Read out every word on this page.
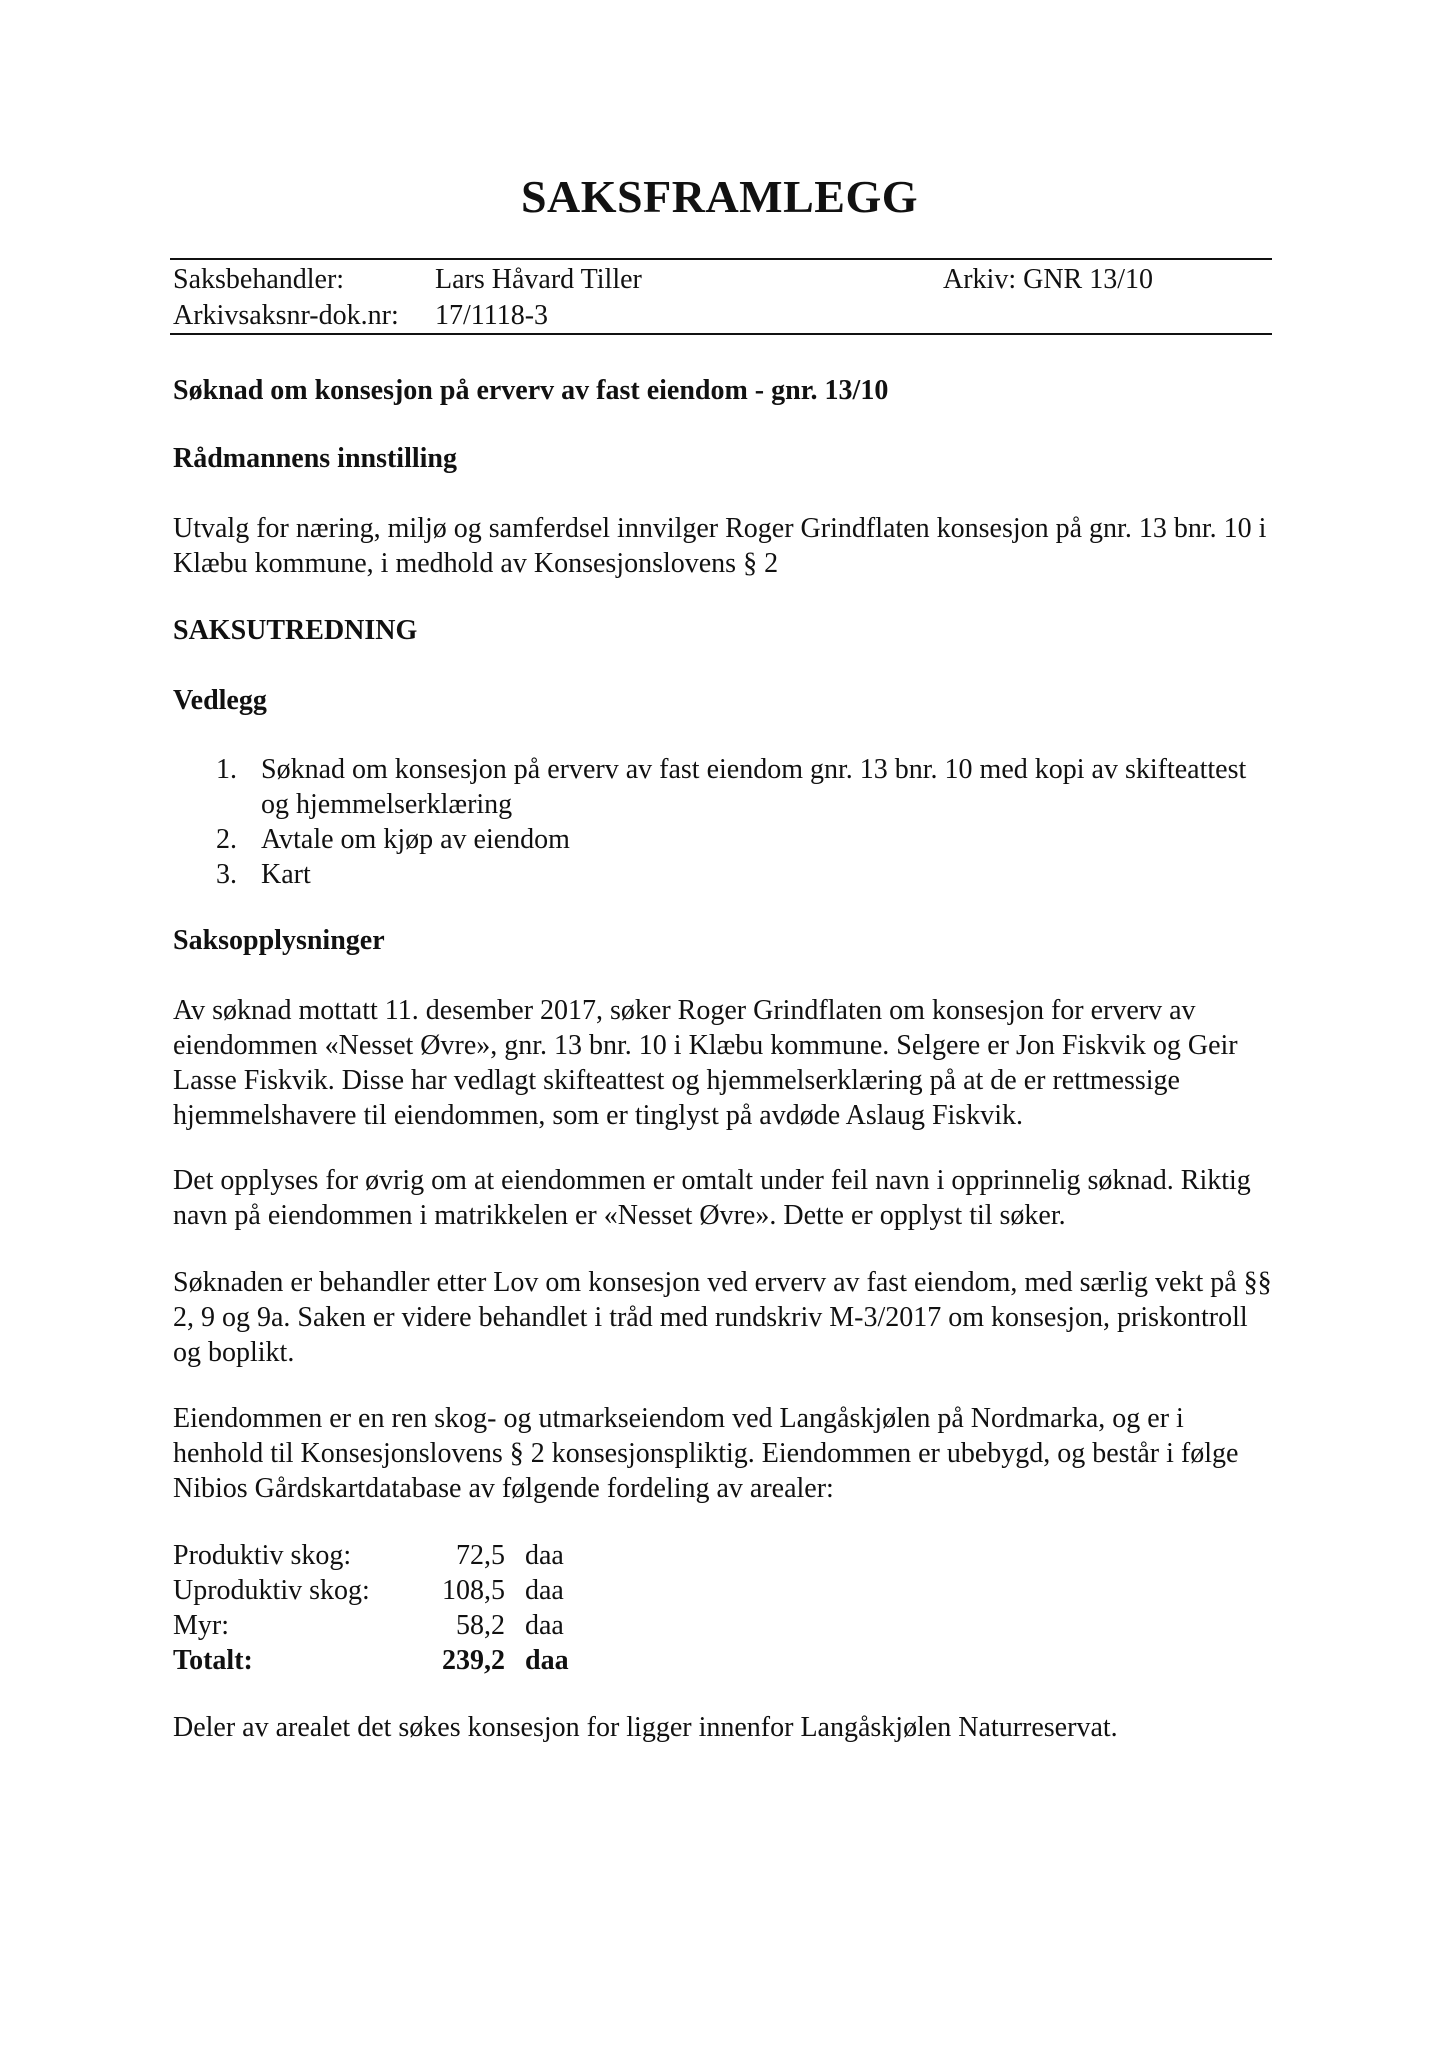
SAKSFRAMLEGG
Saksbehandler:	Lars Håvard Tiller	Arkiv: GNR 13/10
Arkivsaksnr-dok.nr: 17/1118-3
Søknad om konsesjon på erverv av fast eiendom - gnr. 13/10
Rådmannens innstilling
Utvalg for næring, miljø og samferdsel innvilger Roger Grindflaten konsesjon på gnr. 13 bnr. 10 i Klæbu kommune, i medhold av Konsesjonslovens § 2
SAKSUTREDNING
Vedlegg
1. Søknad om konsesjon på erverv av fast eiendom gnr. 13 bnr. 10 med kopi av skifteattest og hjemmelserklæring
2. Avtale om kjøp av eiendom
3. Kart
Saksopplysninger
Av søknad mottatt 11. desember 2017, søker Roger Grindflaten om konsesjon for erverv av eiendommen «Nesset Øvre», gnr. 13 bnr. 10 i Klæbu kommune. Selgere er Jon Fiskvik og Geir Lasse Fiskvik. Disse har vedlagt skifteattest og hjemmelserklæring på at de er rettmessige hjemmelshavere til eiendommen, som er tinglyst på avdøde Aslaug Fiskvik.
Det opplyses for øvrig om at eiendommen er omtalt under feil navn i opprinnelig søknad. Riktig navn på eiendommen i matrikkelen er «Nesset Øvre». Dette er opplyst til søker.
Søknaden er behandler etter Lov om konsesjon ved erverv av fast eiendom, med særlig vekt på §§ 2, 9 og 9a. Saken er videre behandlet i tråd med rundskriv M-3/2017 om konsesjon, priskontroll og boplikt.
Eiendommen er en ren skog- og utmarkseiendom ved Langåskjølen på Nordmarka, og er i henhold til Konsesjonslovens § 2 konsesjonspliktig. Eiendommen er ubebygd, og består i følge Nibios Gårdskartdatabase av følgende fordeling av arealer:
Produktiv skog:	72,5 daa
Uproduktiv skog:	108,5 daa
Myr:	58,2 daa
Totalt:	239,2 daa
Deler av arealet det søkes konsesjon for ligger innenfor Langåskjølen Naturreservat.
